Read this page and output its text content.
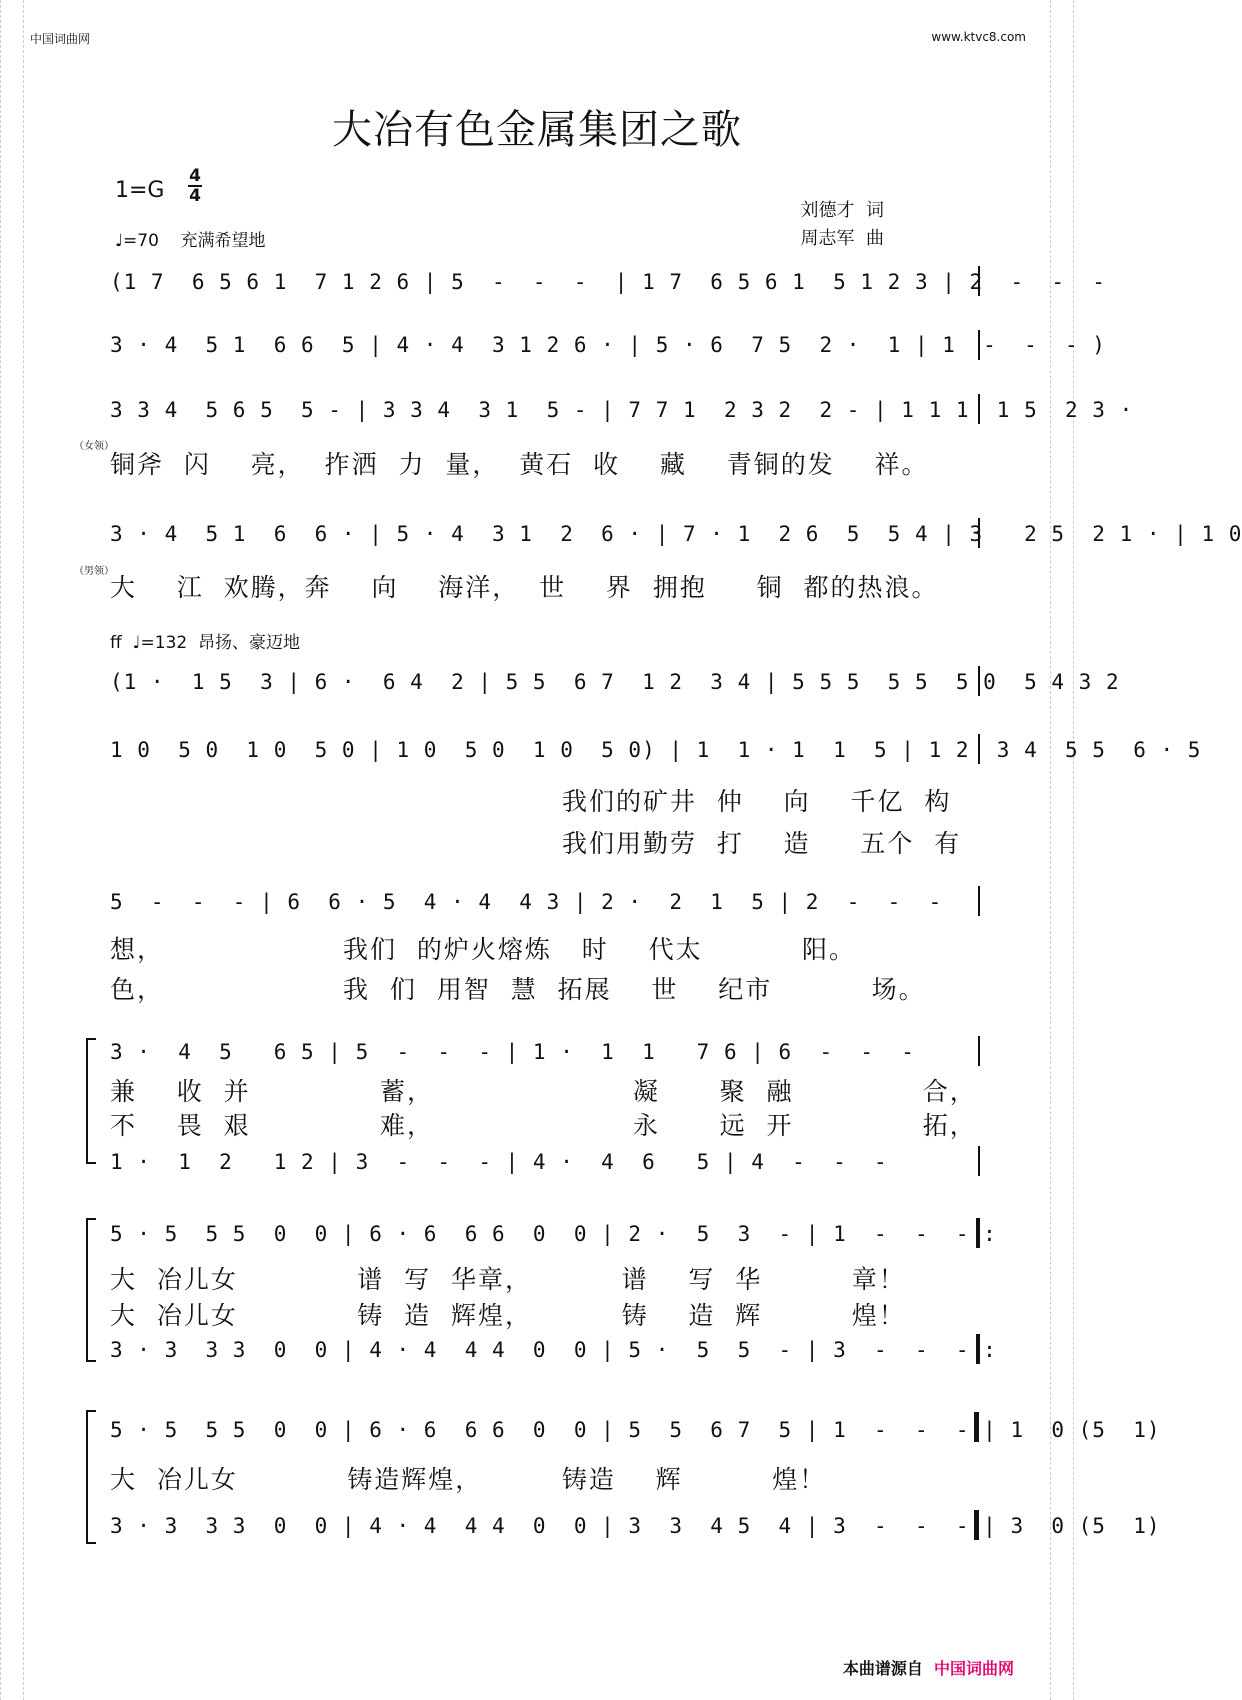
中国词曲网	www.ktvc8.com
大冶有色金属集团之歌
1=G
4
4
刘德才  词
周志军  曲
♩=70    充满希望地
(1 7  6 5 6 1  7 1 2 6 | 5  -  -  -  | 1 7  6 5 6 1  5 1 2 3 | 2  -  -  -
3 · 4  5 1  6 6  5 | 4 · 4  3 1 2 6 · | 5 · 6  7 5  2 ·  1 | 1  -  -  - )
3 3 4  5 6 5  5 - | 3 3 4  3 1  5 - | 7 7 1  2 3 2  2 - | 1 1 1  1 5  2 3 ·
（女领）
铜斧  闪    亮，  拃洒  力  量，  黄石  收    藏    青铜的发    祥。
3 · 4  5 1  6  6 · | 5 · 4  3 1  2  6 · | 7 · 1  2 6  5  5 4 | 3   2 5  2 1 · | 1 0
（男领）
大    江  欢腾，奔    向    海洋，  世    界  拥抱     铜  都的热浪。
ff  ♩=132  昂扬、豪迈地
(1 ·  1 5  3 | 6 ·  6 4  2 | 5 5  6 7  1 2  3 4 | 5 5 5  5 5  5 0  5 4 3 2
1 0  5 0  1 0  5 0 | 1 0  5 0  1 0  5 0) | 1  1 · 1  1  5 | 1 2  3 4  5 5  6 · 5
我们的矿井  仲    向    千亿  构
我们用勤劳  打    造     五个  有
5  -  -  - | 6  6 · 5  4 · 4  4 3 | 2 ·  2  1  5 | 2  -  -  -
想，                  我们  的炉火熔炼   时    代太          阳。
色，                  我  们  用智  慧  拓展    世    纪市          场。
3 ·  4  5   6 5 | 5  -  -  - | 1 ·  1  1   7 6 | 6  -  -  -
兼    收  并             蓄，                    凝      聚  融             合，
不    畏  艰             难，                    永      远  开             拓，
1 ·  1  2   1 2 | 3  -  -  - | 4 ·  4  6   5 | 4  -  -  -
5 · 5  5 5  0  0 | 6 · 6  6 6  0  0 | 2 ·  5  3  - | 1  -  -  - :
大  冶儿女            谱  写  华章，         谱    写  华         章！
大  冶儿女            铸  造  辉煌，         铸    造  辉         煌！
3 · 3  3 3  0  0 | 4 · 4  4 4  0  0 | 5 ·  5  5  - | 3  -  -  - :
5 · 5  5 5  0  0 | 6 · 6  6 6  0  0 | 5  5  6 7  5 | 1  -  -  - | 1  0 (5  1)
大  冶儿女           铸造辉煌，        铸造    辉         煌！
3 · 3  3 3  0  0 | 4 · 4  4 4  0  0 | 3  3  4 5  4 | 3  -  -  - | 3  0 (5  1)
本曲谱源自 中国词曲网
